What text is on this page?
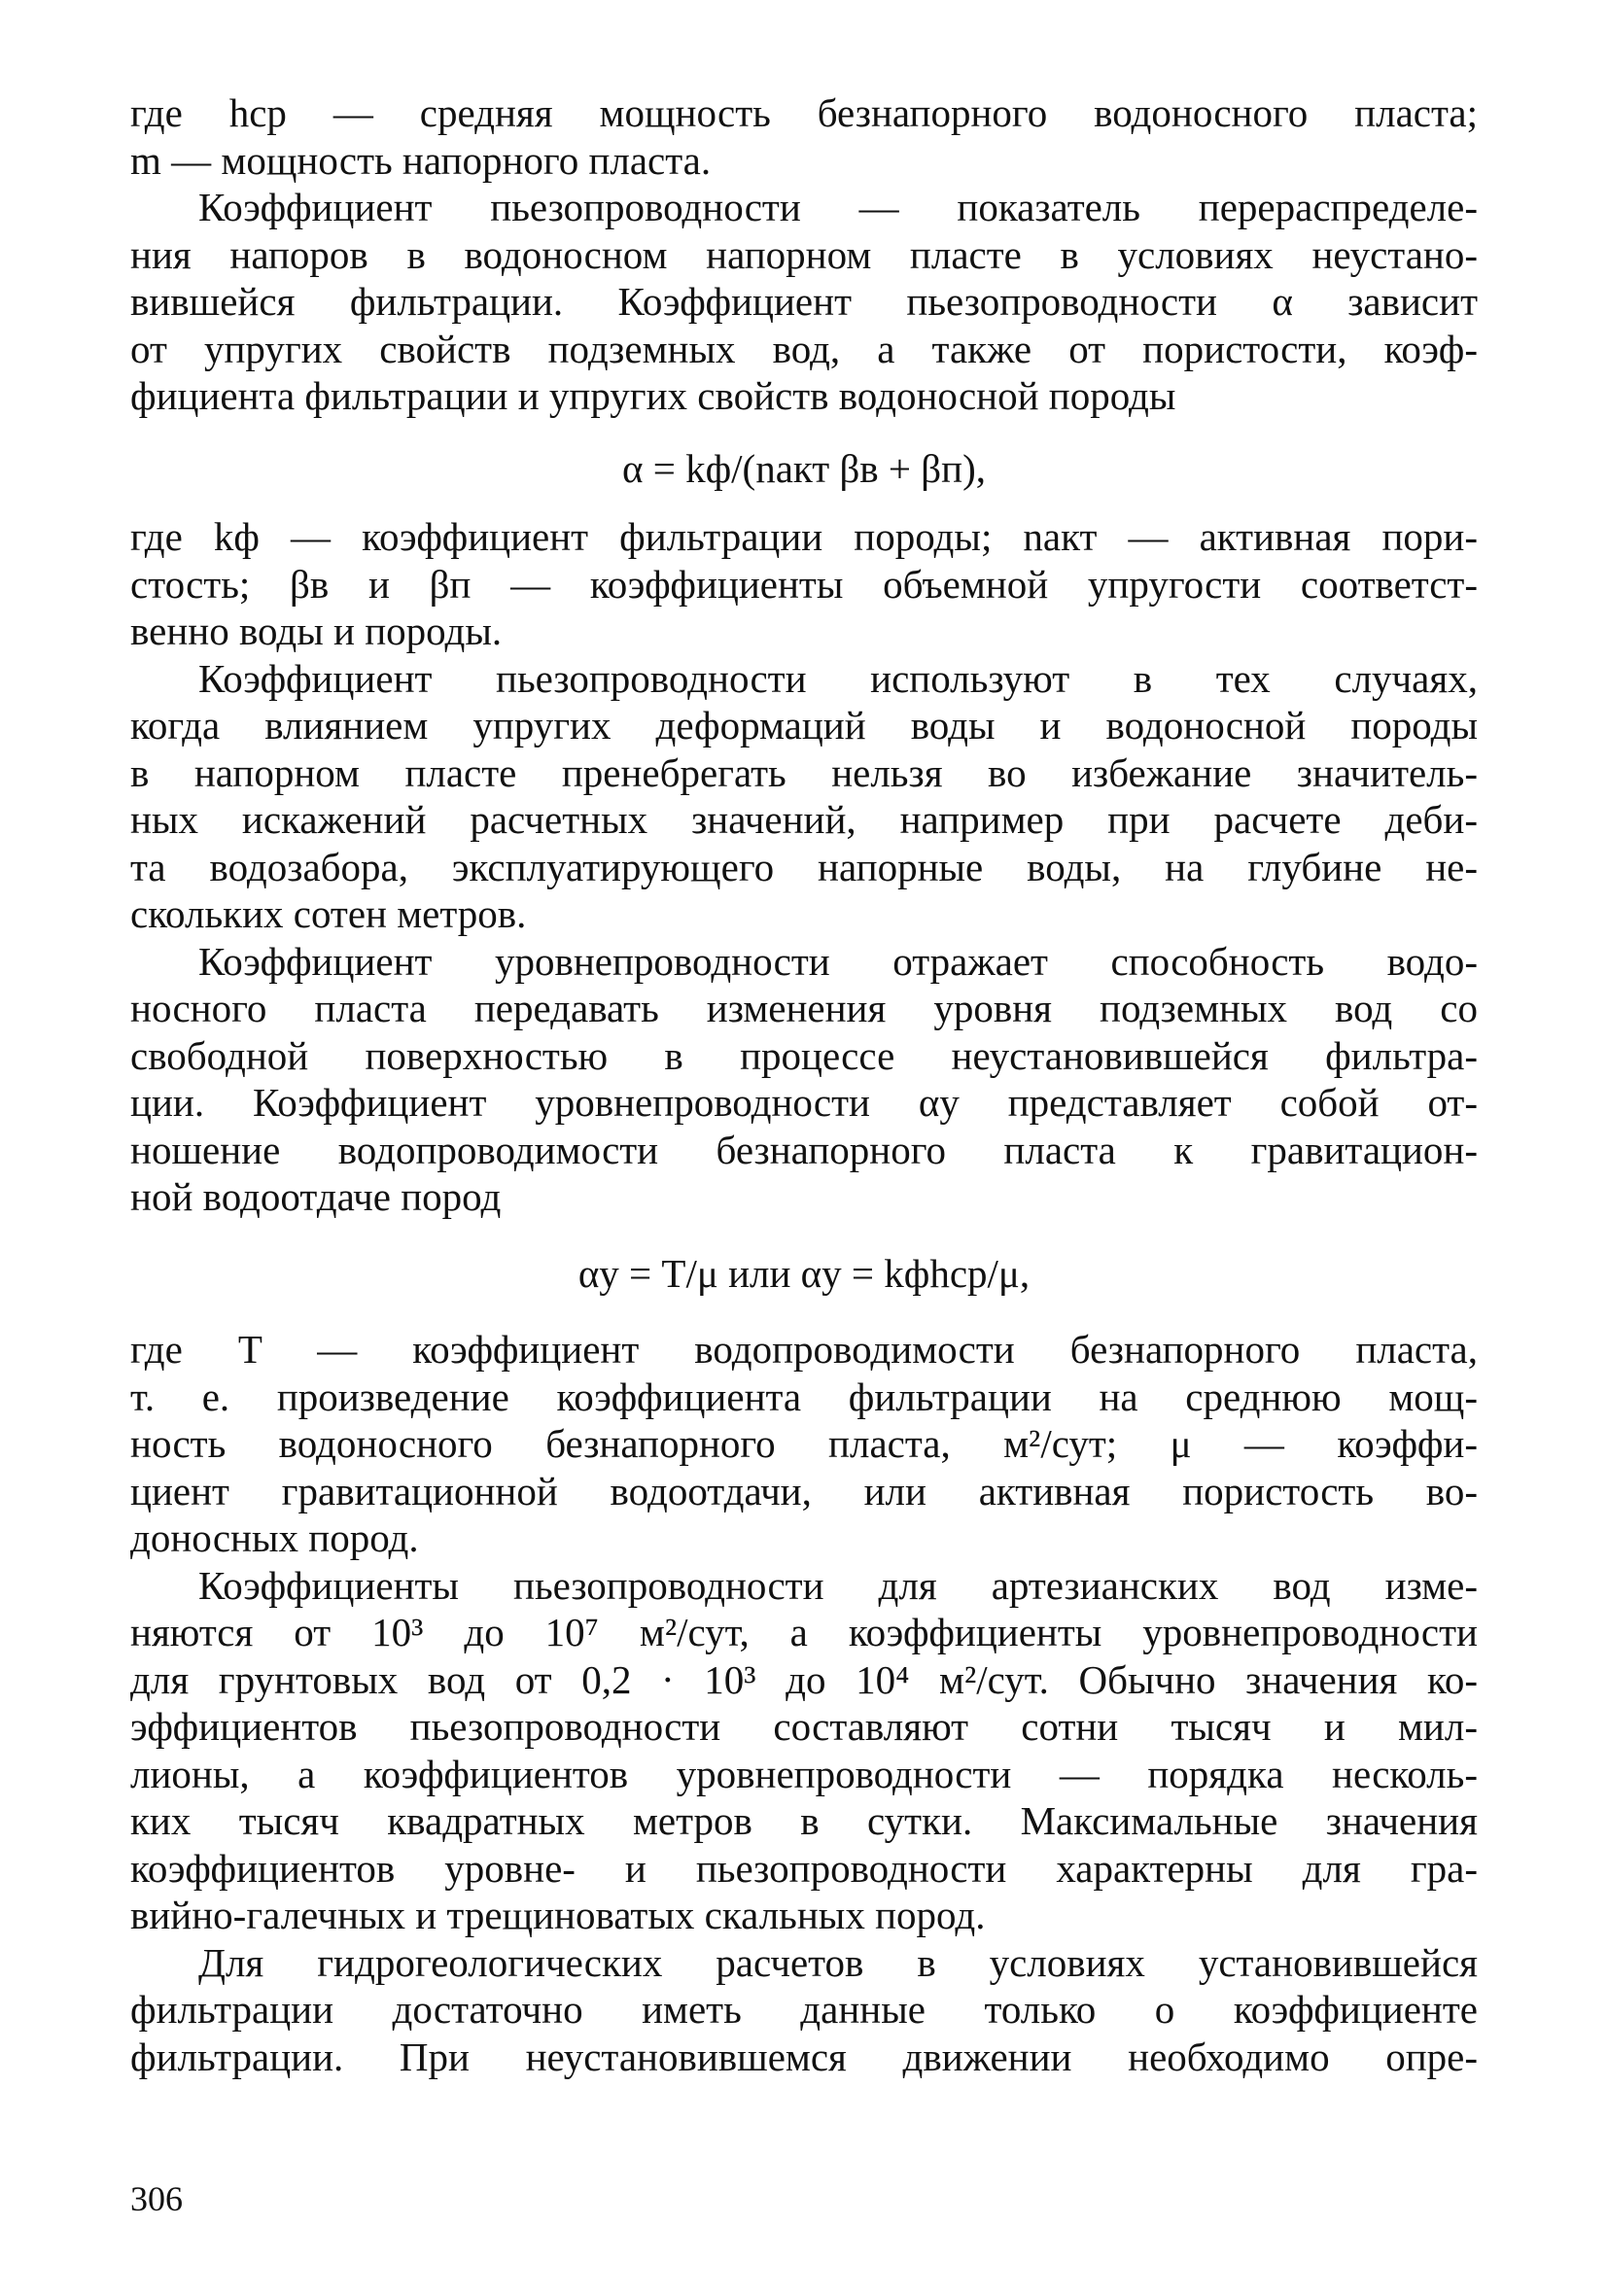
где hср — средняя мощность безнапорного водоносного пласта;
m — мощность напорного пласта.
Коэффициент пьезопроводности — показатель перераспределе-
ния напоров в водоносном напорном пласте в условиях неустано-
вившейся фильтрации. Коэффициент пьезопроводности α зависит
от упругих свойств подземных вод, а также от пористости, коэф-
фициента фильтрации и упругих свойств водоносной породы
α = kф/(nакт βв + βп),
где kф — коэффициент фильтрации породы; nакт — активная пори-
стость; βв и βп — коэффициенты объемной упругости соответст-
венно воды и породы.
Коэффициент пьезопроводности используют в тех случаях,
когда влиянием упругих деформаций воды и водоносной породы
в напорном пласте пренебрегать нельзя во избежание значитель-
ных искажений расчетных значений, например при расчете деби-
та водозабора, эксплуатирующего напорные воды, на глубине не-
скольких сотен метров.
Коэффициент уровнепроводности отражает способность водо-
носного пласта передавать изменения уровня подземных вод со
свободной поверхностью в процессе неустановившейся фильтра-
ции. Коэффициент уровнепроводности αу представляет собой от-
ношение водопроводимости безнапорного пласта к гравитацион-
ной водоотдаче пород
αу = T/μ или αу = kфhср/μ,
где T — коэффициент водопроводимости безнапорного пласта,
т. е. произведение коэффициента фильтрации на среднюю мощ-
ность водоносного безнапорного пласта, м²/сут; μ — коэффи-
циент гравитационной водоотдачи, или активная пористость во-
доносных пород.
Коэффициенты пьезопроводности для артезианских вод изме-
няются от 10³ до 10⁷ м²/сут, а коэффициенты уровнепроводности
для грунтовых вод от 0,2 · 10³ до 10⁴ м²/сут. Обычно значения ко-
эффициентов пьезопроводности составляют сотни тысяч и мил-
лионы, а коэффициентов уровнепроводности — порядка несколь-
ких тысяч квадратных метров в сутки. Максимальные значения
коэффициентов уровне- и пьезопроводности характерны для гра-
вийно-галечных и трещиноватых скальных пород.
Для гидрогеологических расчетов в условиях установившейся
фильтрации достаточно иметь данные только о коэффициенте
фильтрации. При неустановившемся движении необходимо опре-
306
